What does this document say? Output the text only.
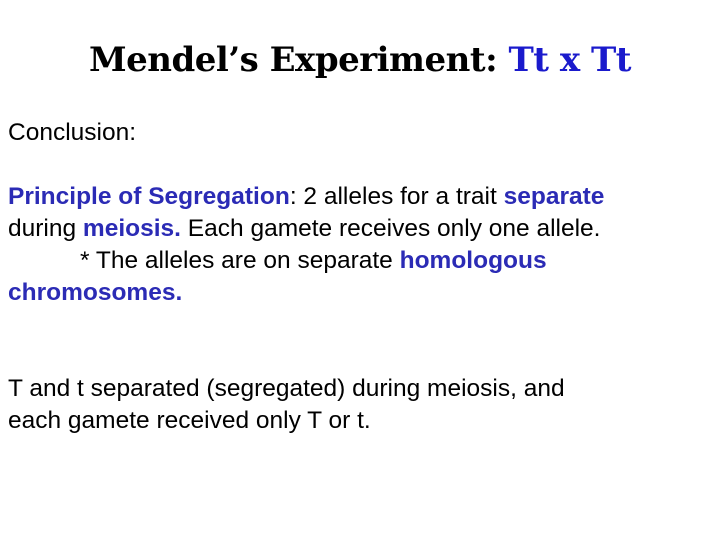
Mendel’s Experiment: Tt x Tt

Conclusion:

Principle of Segregation: 2 alleles for a trait separate

during meiosis. Each gamete receives only one allele.

* The alleles are on separate homologous

chromosomes.

T and t separated (segregated) during meiosis, and

each gamete received only T or t.
